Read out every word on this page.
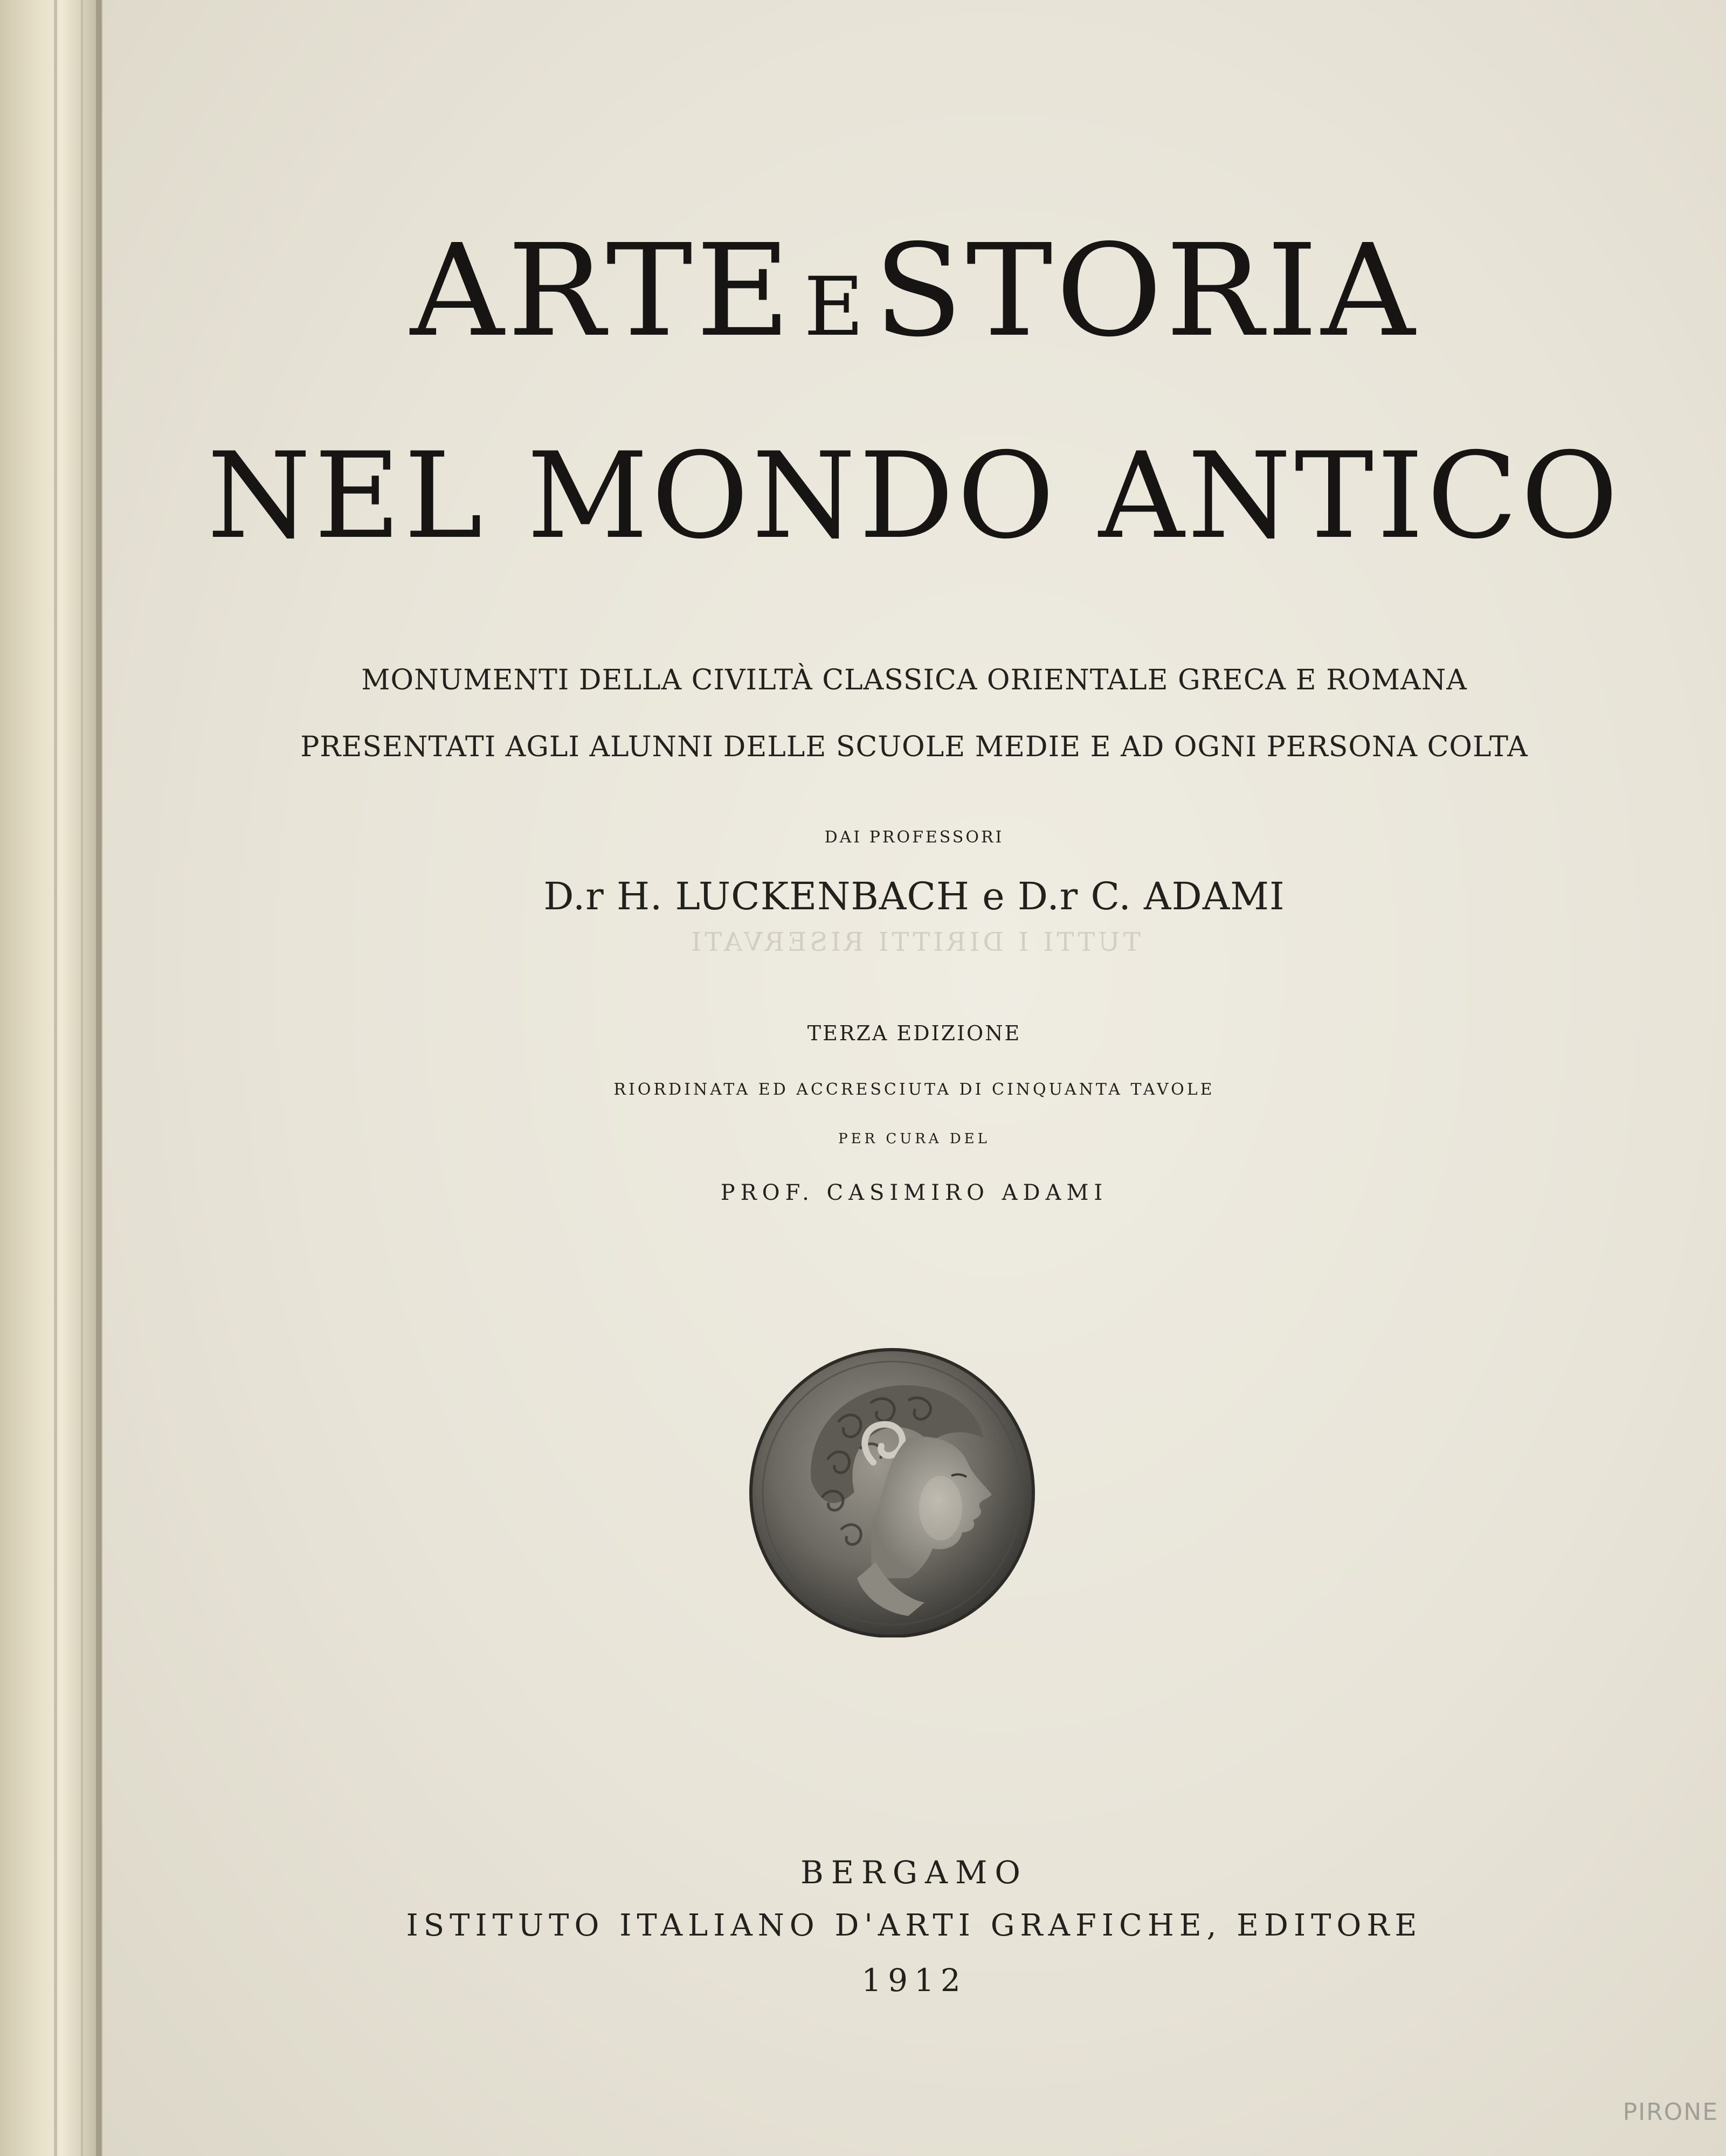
ARTE ESTORIA
NEL MONDO ANTICO
MONUMENTI DELLA CIVILTÀ CLASSICA ORIENTALE GRECA E ROMANA
PRESENTATI AGLI ALUNNI DELLE SCUOLE MEDIE E AD OGNI PERSONA COLTA
DAI PROFESSORI
D.r H. LUCKENBACH e D.r C. ADAMI
TUTTI I DIRITTI RISERVATI
TERZA EDIZIONE
RIORDINATA ED ACCRESCIUTA DI CINQUANTA TAVOLE
PER CURA DEL
PROF. CASIMIRO ADAMI
BERGAMO
ISTITUTO ITALIANO D'ARTI GRAFICHE, EDITORE
1912
PIRONE
